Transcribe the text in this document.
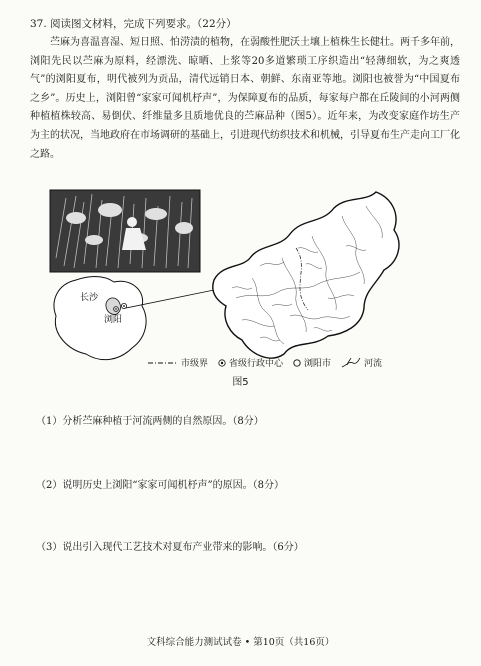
37. 阅读图文材料，完成下列要求。（22分）

苎麻为喜温喜湿、短日照、怕涝渍的植物，在弱酸性肥沃土壤上植株生长健壮。两千多年前，浏阳先民以苎麻为原料，经漂洗、晾晒、上浆等20多道繁琐工序织造出“轻薄细软，为之爽透气”的浏阳夏布，明代被列为贡品，清代远销日本、朝鲜、东南亚等地。浏阳也被誉为“中国夏布之乡”。历史上，浏阳曾“家家可闻机杼声”，为保障夏布的品质，每家每户都在丘陵间的小河两侧种植植株较高、易倒伏、纤维量多且质地优良的苎麻品种（图5）。近年来，为改变家庭作坊生产为主的状况，当地政府在市场调研的基础上，引进现代纺织技术和机械，引导夏布生产走向工厂化之路。

长沙
浏阳
市级界 省级行政中心 浏阳市	河流
图5
（1）分析苎麻种植于河流两侧的自然原因。（8分）
（2）说明历史上浏阳“家家可闻机杼声”的原因。（8分）
（3）说出引入现代工艺技术对夏布产业带来的影响。（6分）
文科综合能力测试试卷 • 第10页（共16页）
